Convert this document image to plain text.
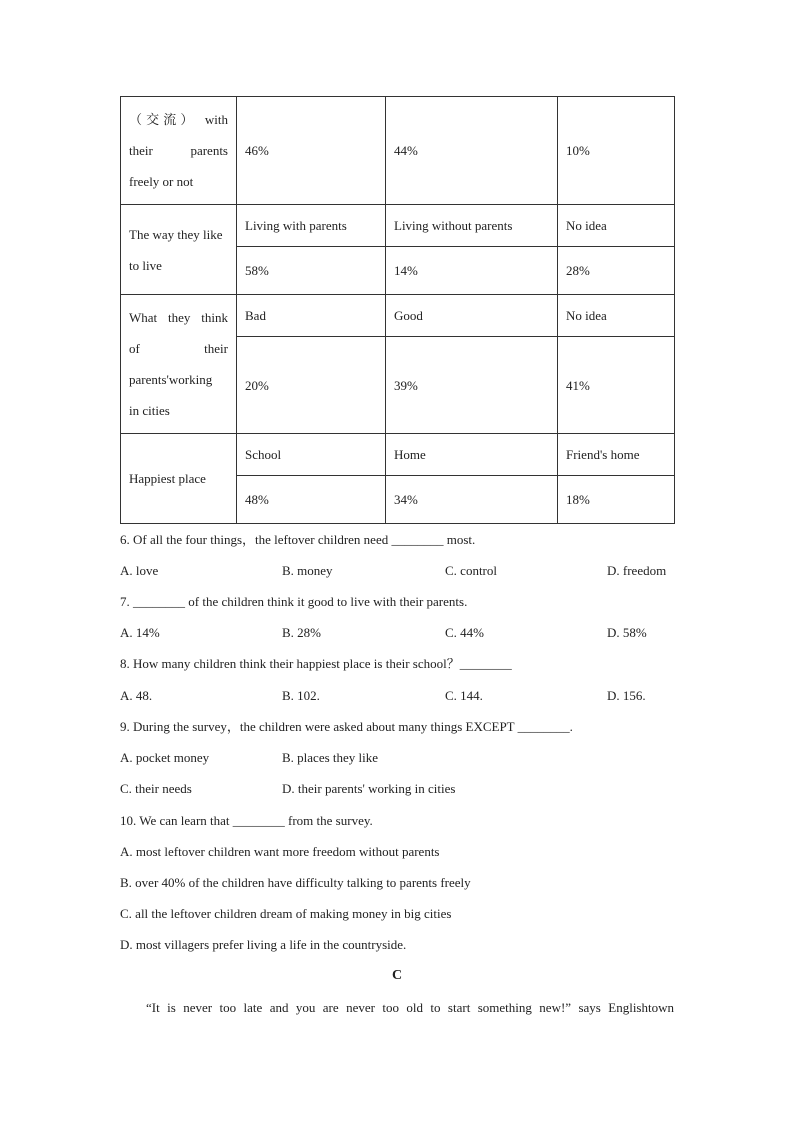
（交流） with
their parents
freely or not	46%	44%	10%

The way they like
to live	Living with parents	Living without parents	No idea
	58%	14%	28%

What they think
of their
parents'working
in cities	Bad	Good	No idea
	20%	39%	41%

Happiest place	School	Home	Friend's home
	48%	34%	18%
6. Of all the four things，the leftover children need ________ most.
A. love	B. money	C. control	D. freedom
7. ________ of the children think it good to live with their parents.
A. 14%	B. 28%	C. 44%	D. 58%
8. How many children think their happiest place is their school？________
A. 48.	B. 102.	C. 144.	D. 156.
9. During the survey，the children were asked about many things EXCEPT ________.
A. pocket money	B. places they like
C. their needs	D. their parents' working in cities
10. We can learn that ________ from the survey.
A. most leftover children want more freedom without parents
B. over 40% of the children have difficulty talking to parents freely
C. all the leftover children dream of making money in big cities
D. most villagers prefer living a life in the countryside.
C
“It is never too late and you are never too old to start something new!” says Englishtown
